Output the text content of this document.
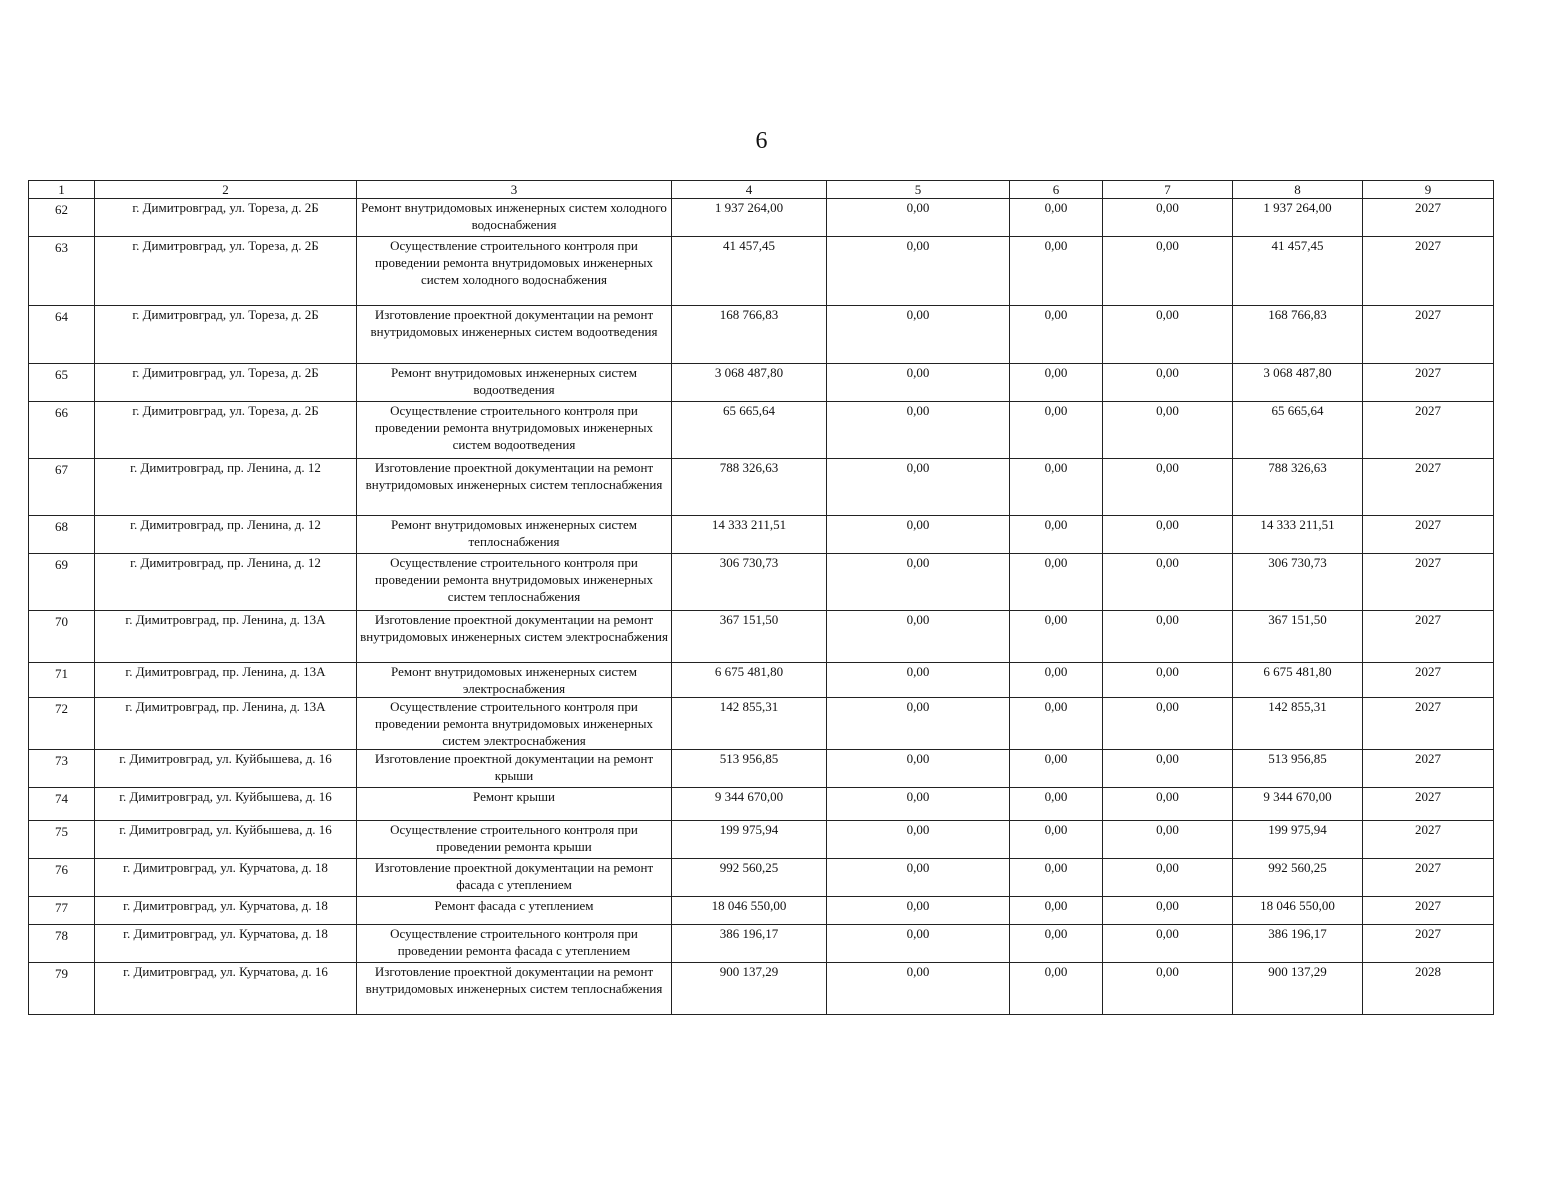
6
1	2	3	4	5	6	7	8	9
62	г. Димитровград, ул. Тореза, д. 2Б	Ремонт внутридомовых инженерных систем холодного водоснабжения	1 937 264,00	0,00	0,00	0,00	1 937 264,00	2027
63	г. Димитровград, ул. Тореза, д. 2Б	Осуществление строительного контроля при проведении ремонта внутридомовых инженерных систем холодного водоснабжения	41 457,45	0,00	0,00	0,00	41 457,45	2027
64	г. Димитровград, ул. Тореза, д. 2Б	Изготовление проектной документации на ремонт внутридомовых инженерных систем водоотведения	168 766,83	0,00	0,00	0,00	168 766,83	2027
65	г. Димитровград, ул. Тореза, д. 2Б	Ремонт внутридомовых инженерных систем водоотведения	3 068 487,80	0,00	0,00	0,00	3 068 487,80	2027
66	г. Димитровград, ул. Тореза, д. 2Б	Осуществление строительного контроля при проведении ремонта внутридомовых инженерных систем водоотведения	65 665,64	0,00	0,00	0,00	65 665,64	2027
67	г. Димитровград, пр. Ленина, д. 12	Изготовление проектной документации на ремонт внутридомовых инженерных систем теплоснабжения	788 326,63	0,00	0,00	0,00	788 326,63	2027
68	г. Димитровград, пр. Ленина, д. 12	Ремонт внутридомовых инженерных систем теплоснабжения	14 333 211,51	0,00	0,00	0,00	14 333 211,51	2027
69	г. Димитровград, пр. Ленина, д. 12	Осуществление строительного контроля при проведении ремонта внутридомовых инженерных систем теплоснабжения	306 730,73	0,00	0,00	0,00	306 730,73	2027
70	г. Димитровград, пр. Ленина, д. 13А	Изготовление проектной документации на ремонт внутридомовых инженерных систем электроснабжения	367 151,50	0,00	0,00	0,00	367 151,50	2027
71	г. Димитровград, пр. Ленина, д. 13А	Ремонт внутридомовых инженерных систем электроснабжения	6 675 481,80	0,00	0,00	0,00	6 675 481,80	2027
72	г. Димитровград, пр. Ленина, д. 13А	Осуществление строительного контроля при проведении ремонта внутридомовых инженерных систем электроснабжения	142 855,31	0,00	0,00	0,00	142 855,31	2027
73	г. Димитровград, ул. Куйбышева, д. 16	Изготовление проектной документации на ремонт крыши	513 956,85	0,00	0,00	0,00	513 956,85	2027
74	г. Димитровград, ул. Куйбышева, д. 16	Ремонт крыши	9 344 670,00	0,00	0,00	0,00	9 344 670,00	2027
75	г. Димитровград, ул. Куйбышева, д. 16	Осуществление строительного контроля при проведении ремонта крыши	199 975,94	0,00	0,00	0,00	199 975,94	2027
76	г. Димитровград, ул. Курчатова, д. 18	Изготовление проектной документации на ремонт фасада с утеплением	992 560,25	0,00	0,00	0,00	992 560,25	2027
77	г. Димитровград, ул. Курчатова, д. 18	Ремонт фасада с утеплением	18 046 550,00	0,00	0,00	0,00	18 046 550,00	2027
78	г. Димитровград, ул. Курчатова, д. 18	Осуществление строительного контроля при проведении ремонта фасада с утеплением	386 196,17	0,00	0,00	0,00	386 196,17	2027
79	г. Димитровград, ул. Курчатова, д. 16	Изготовление проектной документации на ремонт внутридомовых инженерных систем теплоснабжения	900 137,29	0,00	0,00	0,00	900 137,29	2028
